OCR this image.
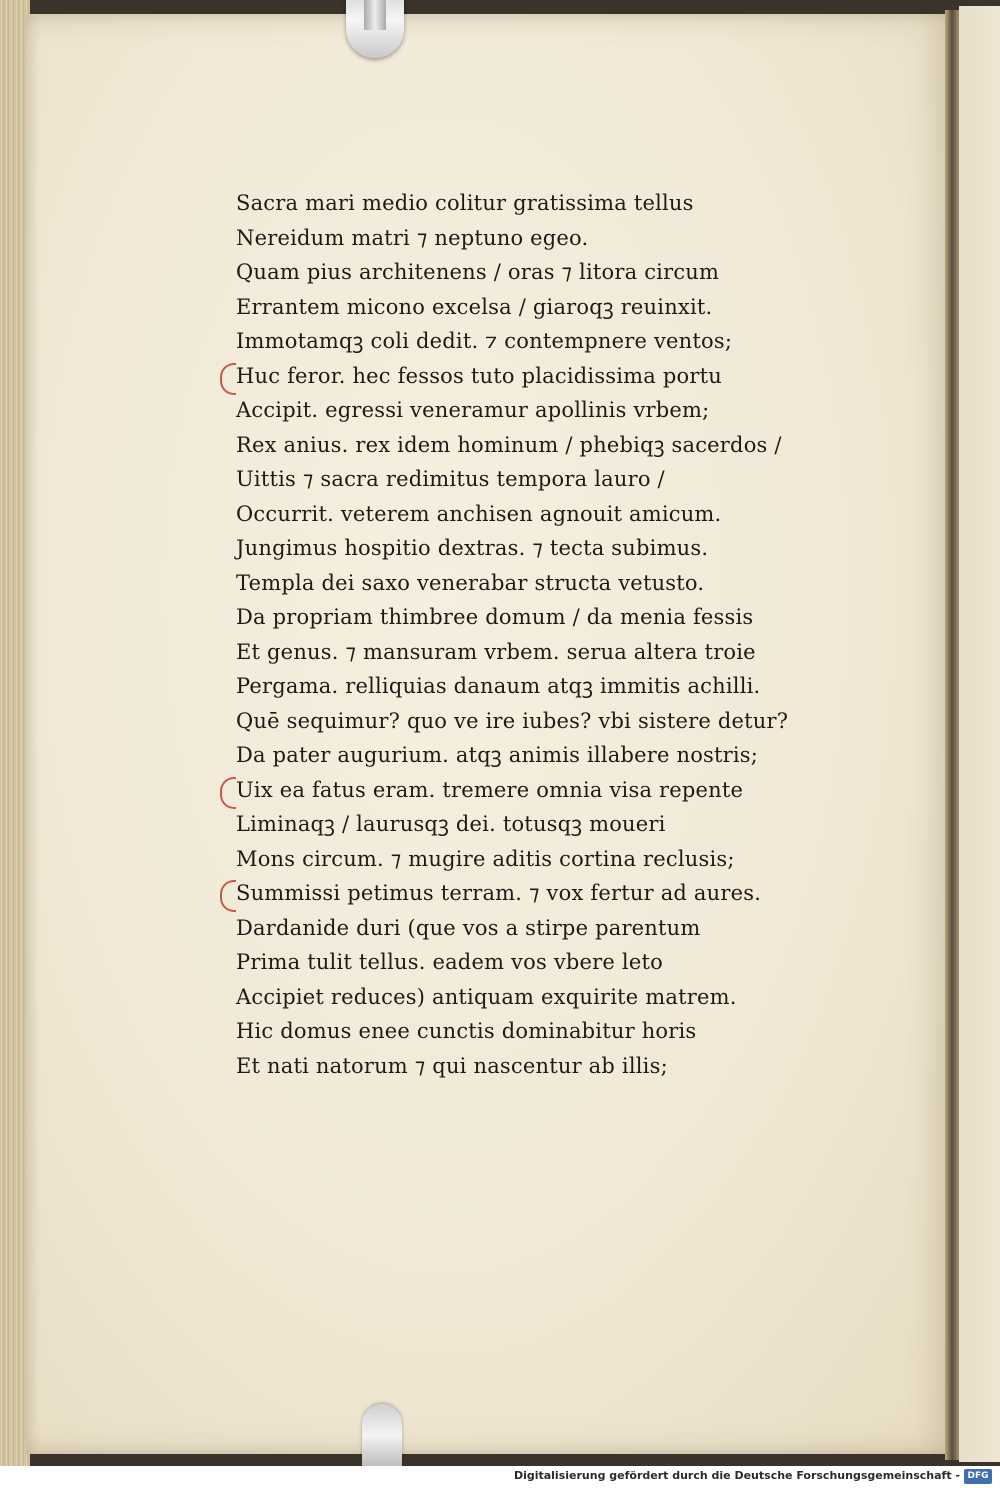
Sacra mari medio colitur gratissima tellus
Nereidum matri ⁊ neptuno egeo.
Quam pius architenens / oras ⁊ litora circum
Errantem micono excelsa / giaroqꝫ reuinxit.
Immotamqꝫ coli dedit. ⁊ contempnere ventos;
Huc feror. hec fessos tuto placidissima portu
Accipit. egressi veneramur apollinis vrbem;
Rex anius. rex idem hominum / phebiqꝫ sacerdos /
Uittis ⁊ sacra redimitus tempora lauro /
Occurrit. veterem anchisen agnouit amicum.
Jungimus hospitio dextras. ⁊ tecta subimus.
Templa dei saxo venerabar structa vetusto.
Da propriam thimbree domum / da menia fessis
Et genus. ⁊ mansuram vrbem. serua altera troie
Pergama. relliquias danaum atqꝫ immitis achilli.
Quē sequimur? quo ve ire iubes? vbi sistere detur?
Da pater augurium. atqꝫ animis illabere nostris;
Uix ea fatus eram. tremere omnia visa repente
Liminaqꝫ / laurusqꝫ dei. totusqꝫ moueri
Mons circum. ⁊ mugire aditis cortina reclusis;
Summissi petimus terram. ⁊ vox fertur ad aures.
Dardanide duri (que vos a stirpe parentum
Prima tulit tellus. eadem vos vbere leto
Accipiet reduces) antiquam exquirite matrem.
Hic domus enee cunctis dominabitur horis
Et nati natorum ⁊ qui nascentur ab illis;
Digitalisierung gefördert durch die Deutsche Forschungsgemeinschaft - DFG
